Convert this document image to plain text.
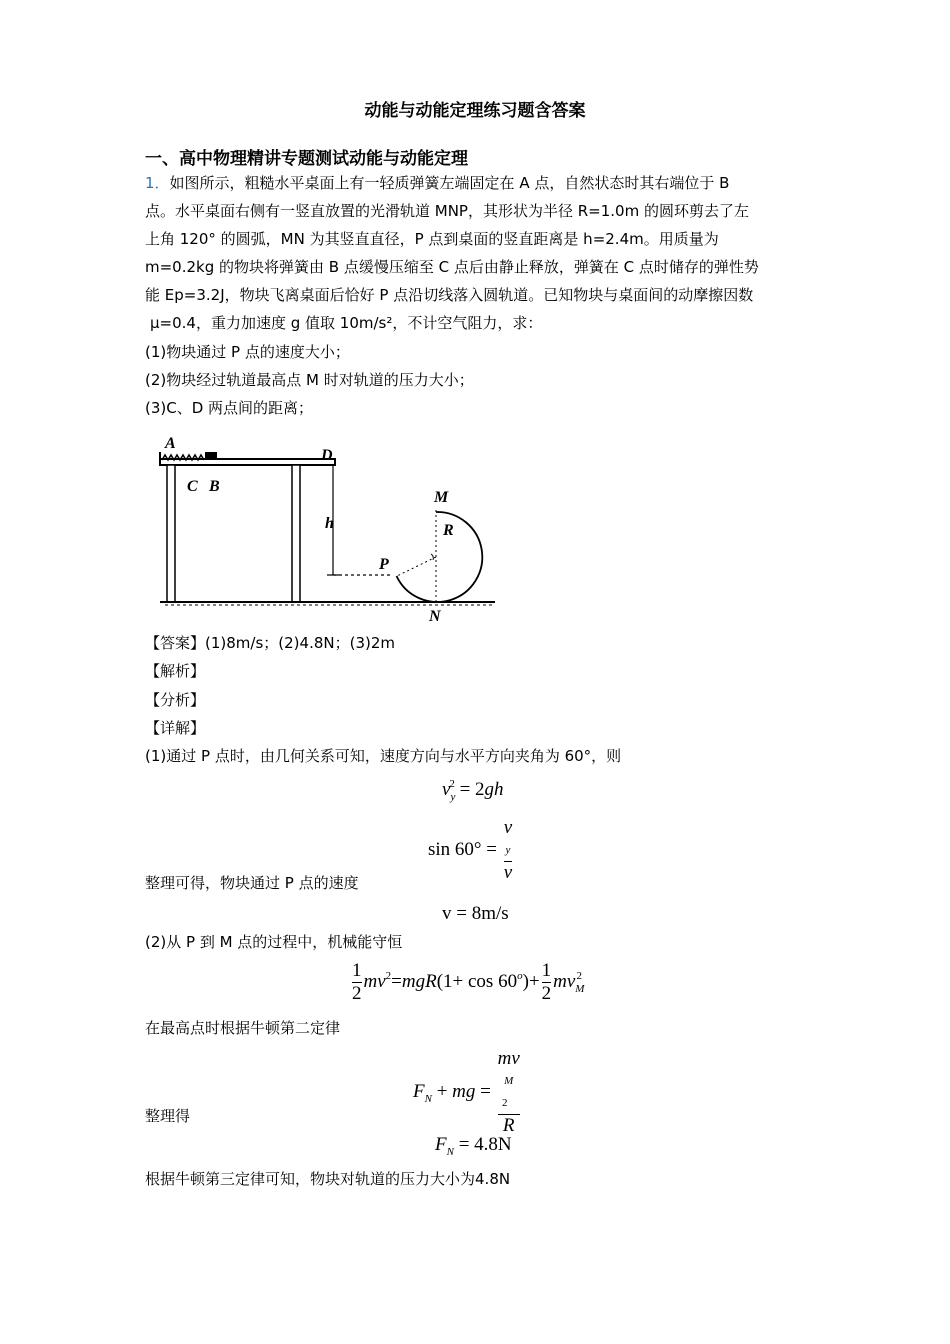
动能与动能定理练习题含答案
一、高中物理精讲专题测试动能与动能定理
1．如图所示，粗糙水平桌面上有一轻质弹簧左端固定在 A 点，自然状态时其右端位于 B
点。水平桌面右侧有一竖直放置的光滑轨道 MNP，其形状为半径 R=1.0m 的圆环剪去了左
上角 120° 的圆弧，MN 为其竖直直径，P 点到桌面的竖直距离是 h=2.4m。用质量为
m=0.2kg 的物块将弹簧由 B 点缓慢压缩至 C 点后由静止释放，弹簧在 C 点时储存的弹性势
能 Ep=3.2J，物块飞离桌面后恰好 P 点沿切线落入圆轨道。已知物块与桌面间的动摩擦因数
μ=0.4，重力加速度 g 值取 10m/s²，不计空气阻力，求：
(1)物块通过 P 点的速度大小；
(2)物块经过轨道最高点 M 时对轨道的压力大小；
(3)C、D 两点间的距离；
A
D
C B
M
R
h
P
N
【答案】(1)8m/s；(2)4.8N；(3)2m
【解析】
【分析】
【详解】
(1)通过 P 点时，由几何关系可知，速度方向与水平方向夹角为 60°，则
$v_y^2 = 2gh$
sin 60° = v
y
v
整理可得，物块通过 P 点的速度
v = 8m/s
(2)从 P 到 M 点的过程中，机械能守恒
$\frac{1}{2} mv^2=mgR(1+ \cos 60^o)+ \frac{1}{2} mv_M^2$
在最高点时根据牛顿第二定律
$F_N$ + mg = mv
M
2
R
整理得
$F_N = 4.8N$
根据牛顿第三定律可知，物块对轨道的压力大小为4.8N
